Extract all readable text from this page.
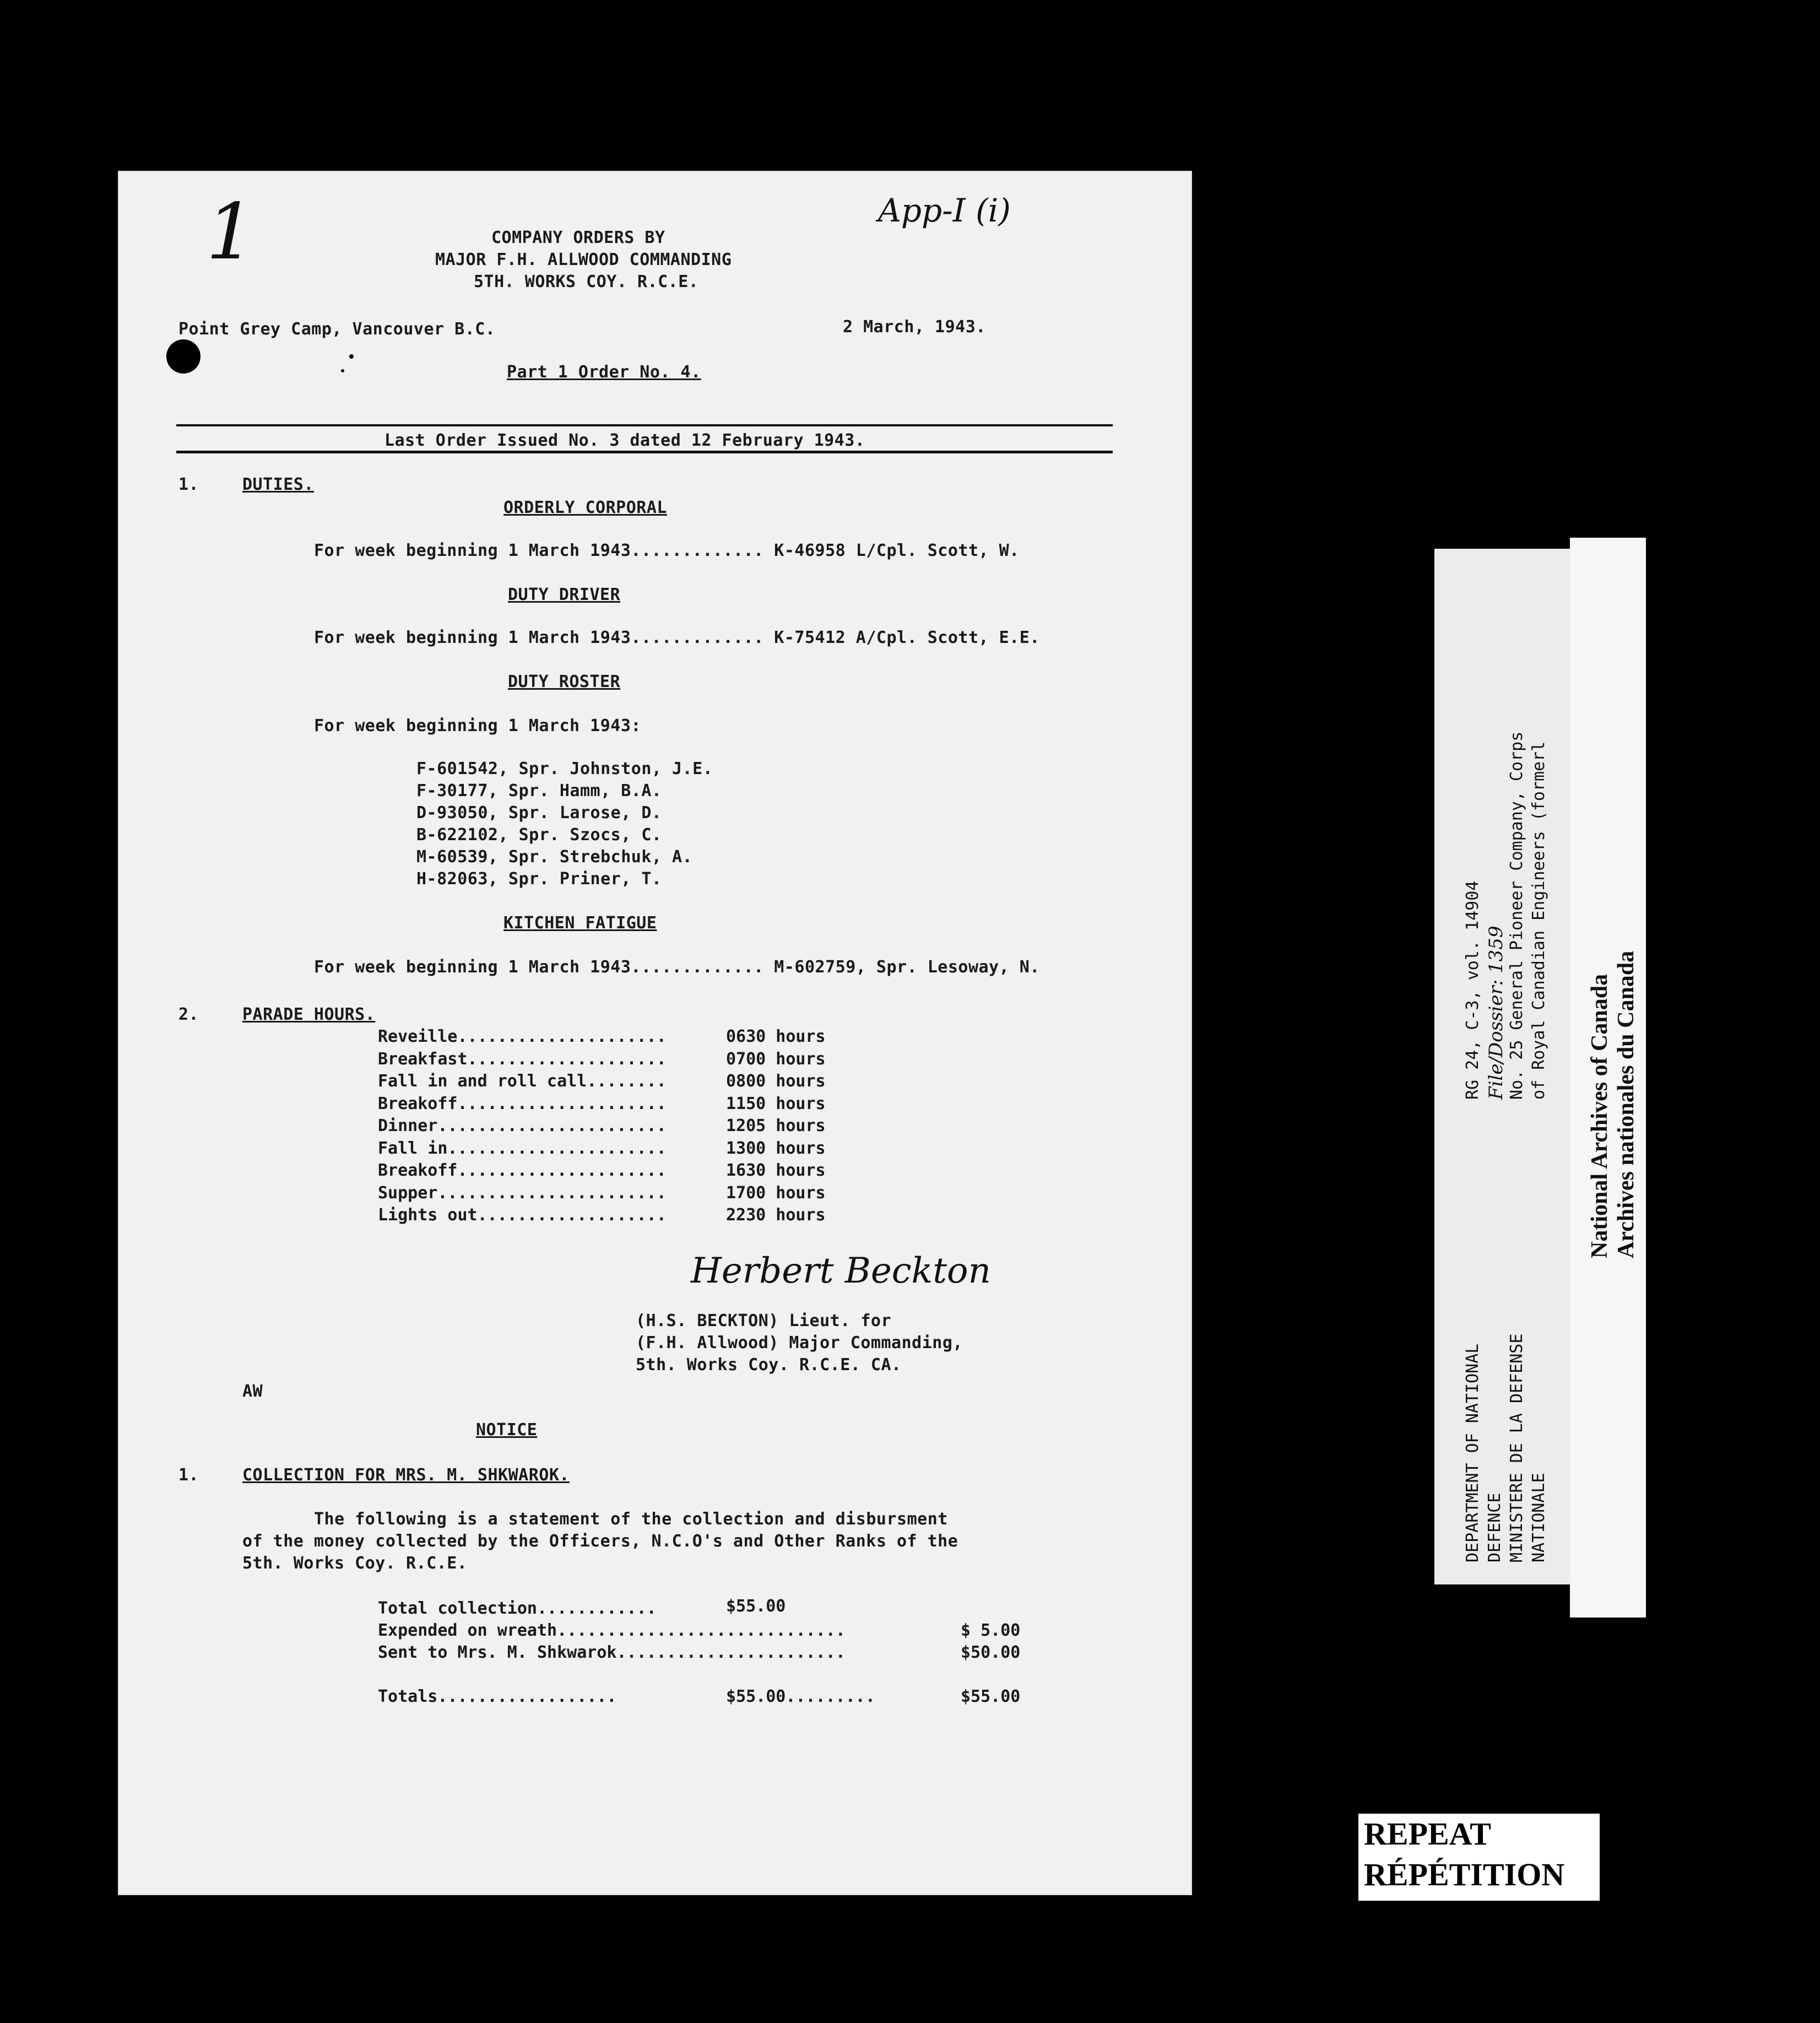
1	App-I (i)
COMPANY ORDERS BY
MAJOR F.H. ALLWOOD COMMANDING
5TH. WORKS COY. R.C.E.
Point Grey Camp, Vancouver B.C.	2 March, 1943.
Part 1 Order No. 4.
Last Order Issued No. 3 dated 12 February 1943.
1.	DUTIES.
ORDERLY CORPORAL
For week beginning 1 March 1943............. K-46958 L/Cpl. Scott, W.
DUTY DRIVER
For week beginning 1 March 1943............. K-75412 A/Cpl. Scott, E.E.
DUTY ROSTER
For week beginning 1 March 1943:
F-601542, Spr. Johnston, J.E.
F-30177, Spr. Hamm, B.A.
D-93050, Spr. Larose, D.
B-622102, Spr. Szocs, C.
M-60539, Spr. Strebchuk, A.
H-82063, Spr. Priner, T.
KITCHEN FATIGUE
For week beginning 1 March 1943............. M-602759, Spr. Lesoway, N.
2.	PARADE HOURS.
Reveille.....................	0630 hours
Breakfast....................	0700 hours
Fall in and roll call........	0800 hours
Breakoff.....................	1150 hours
Dinner.......................	1205 hours
Fall in......................	1300 hours
Breakoff.....................	1630 hours
Supper.......................	1700 hours
Lights out...................	2230 hours
Herbert Beckton
(H.S. BECKTON) Lieut. for
(F.H. Allwood) Major Commanding,
5th. Works Coy. R.C.E. CA.
AW
NOTICE
1.	COLLECTION FOR MRS. M. SHKWAROK.
The following is a statement of the collection and disbursment
of the money collected by the Officers, N.C.O's and Other Ranks of the
5th. Works Coy. R.C.E.
Total collection............	$55.00
Expended on wreath.............................	$ 5.00
Sent to Mrs. M. Shkwarok.......................	$50.00
Totals..................	$55.00.........	$55.00
DEPARTMENT OF NATIONAL DEFENCE MINISTERE DE LA DEFENSE NATIONALE
RG 24, C-3, vol. 14904 File/Dossier: 1359 No. 25 General Pioneer Company, Corps of Royal Canadian Engineers (formerl
National Archives of Canada Archives nationales du Canada
REPEAT
RÉPÉTITION
